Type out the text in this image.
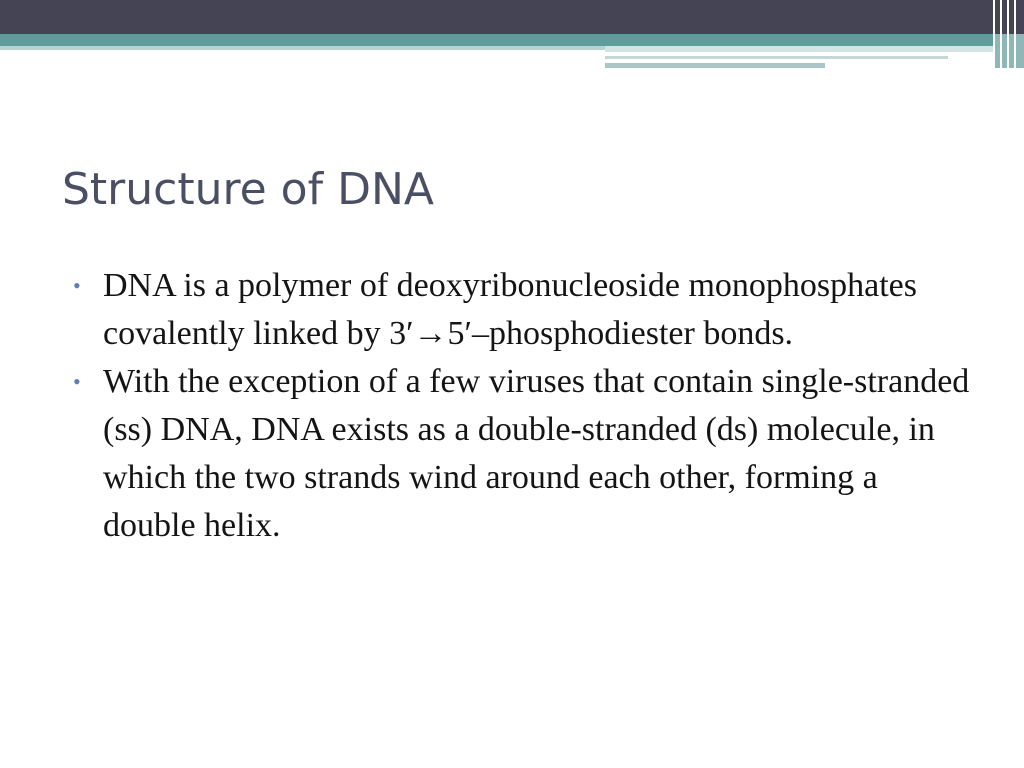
Structure of DNA
• DNA is a polymer of deoxyribonucleoside monophosphates covalently linked by 3′→5′–phosphodiester bonds.
• With the exception of a few viruses that contain single-stranded (ss) DNA, DNA exists as a double-stranded (ds) molecule, in which the two strands wind around each other, forming a double helix.
